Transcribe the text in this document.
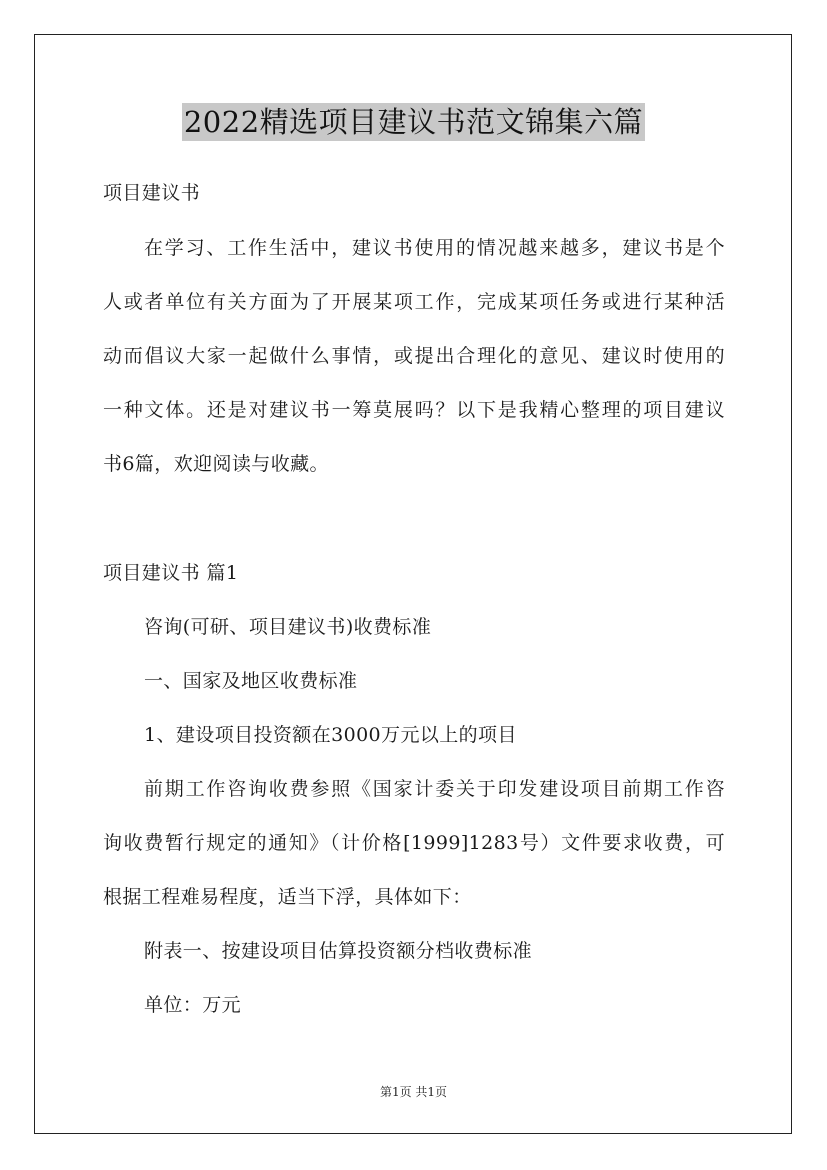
2022精选项目建议书范文锦集六篇
项目建议书
在学习、工作生活中，建议书使用的情况越来越多，建议书是个
人或者单位有关方面为了开展某项工作，完成某项任务或进行某种活
动而倡议大家一起做什么事情，或提出合理化的意见、建议时使用的
一种文体。还是对建议书一筹莫展吗？以下是我精心整理的项目建议
书6篇，欢迎阅读与收藏。
项目建议书 篇1
咨询(可研、项目建议书)收费标准
一、国家及地区收费标准
1、建设项目投资额在3000万元以上的项目
前期工作咨询收费参照《国家计委关于印发建设项目前期工作咨
询收费暂行规定的通知》（计价格[1999]1283号）文件要求收费，可
根据工程难易程度，适当下浮，具体如下：
附表一、按建设项目估算投资额分档收费标准
单位：万元
第1页 共1页
